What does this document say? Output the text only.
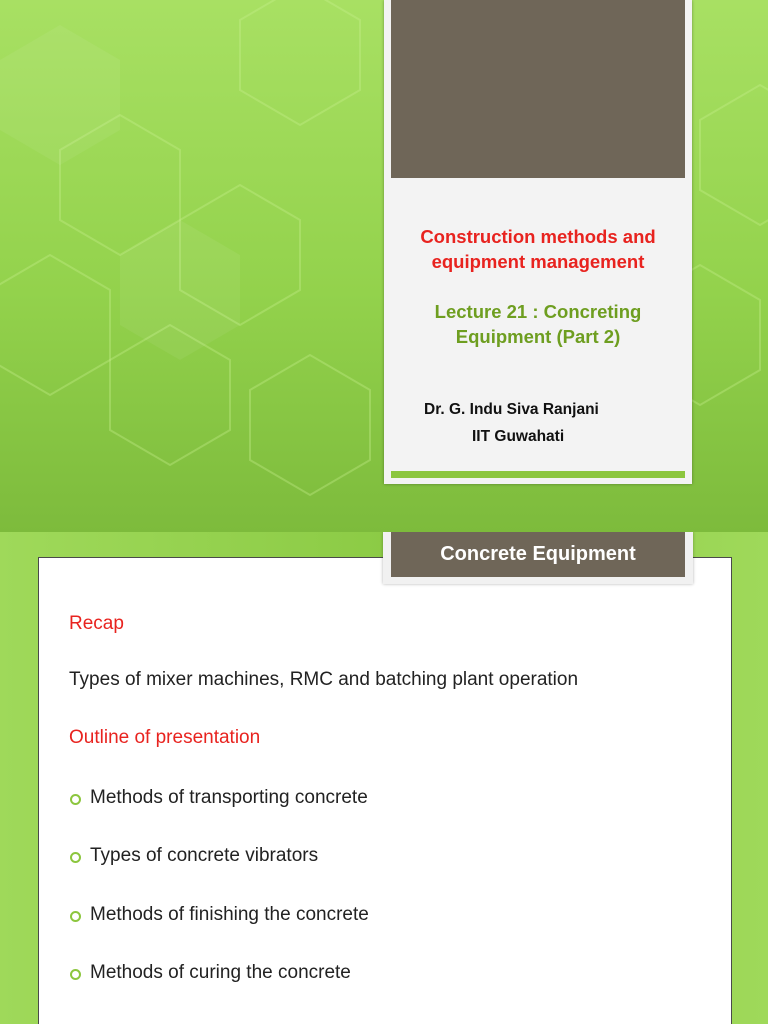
Construction methods and
equipment management
Lecture 21 : Concreting
Equipment (Part 2)
Dr. G. Indu Siva Ranjani
IIT Guwahati
Recap
Types of mixer machines, RMC and batching plant operation
Outline of presentation
Methods of transporting concrete
Types of concrete vibrators
Methods of finishing the concrete
Methods of curing the concrete
Concrete Equipment
